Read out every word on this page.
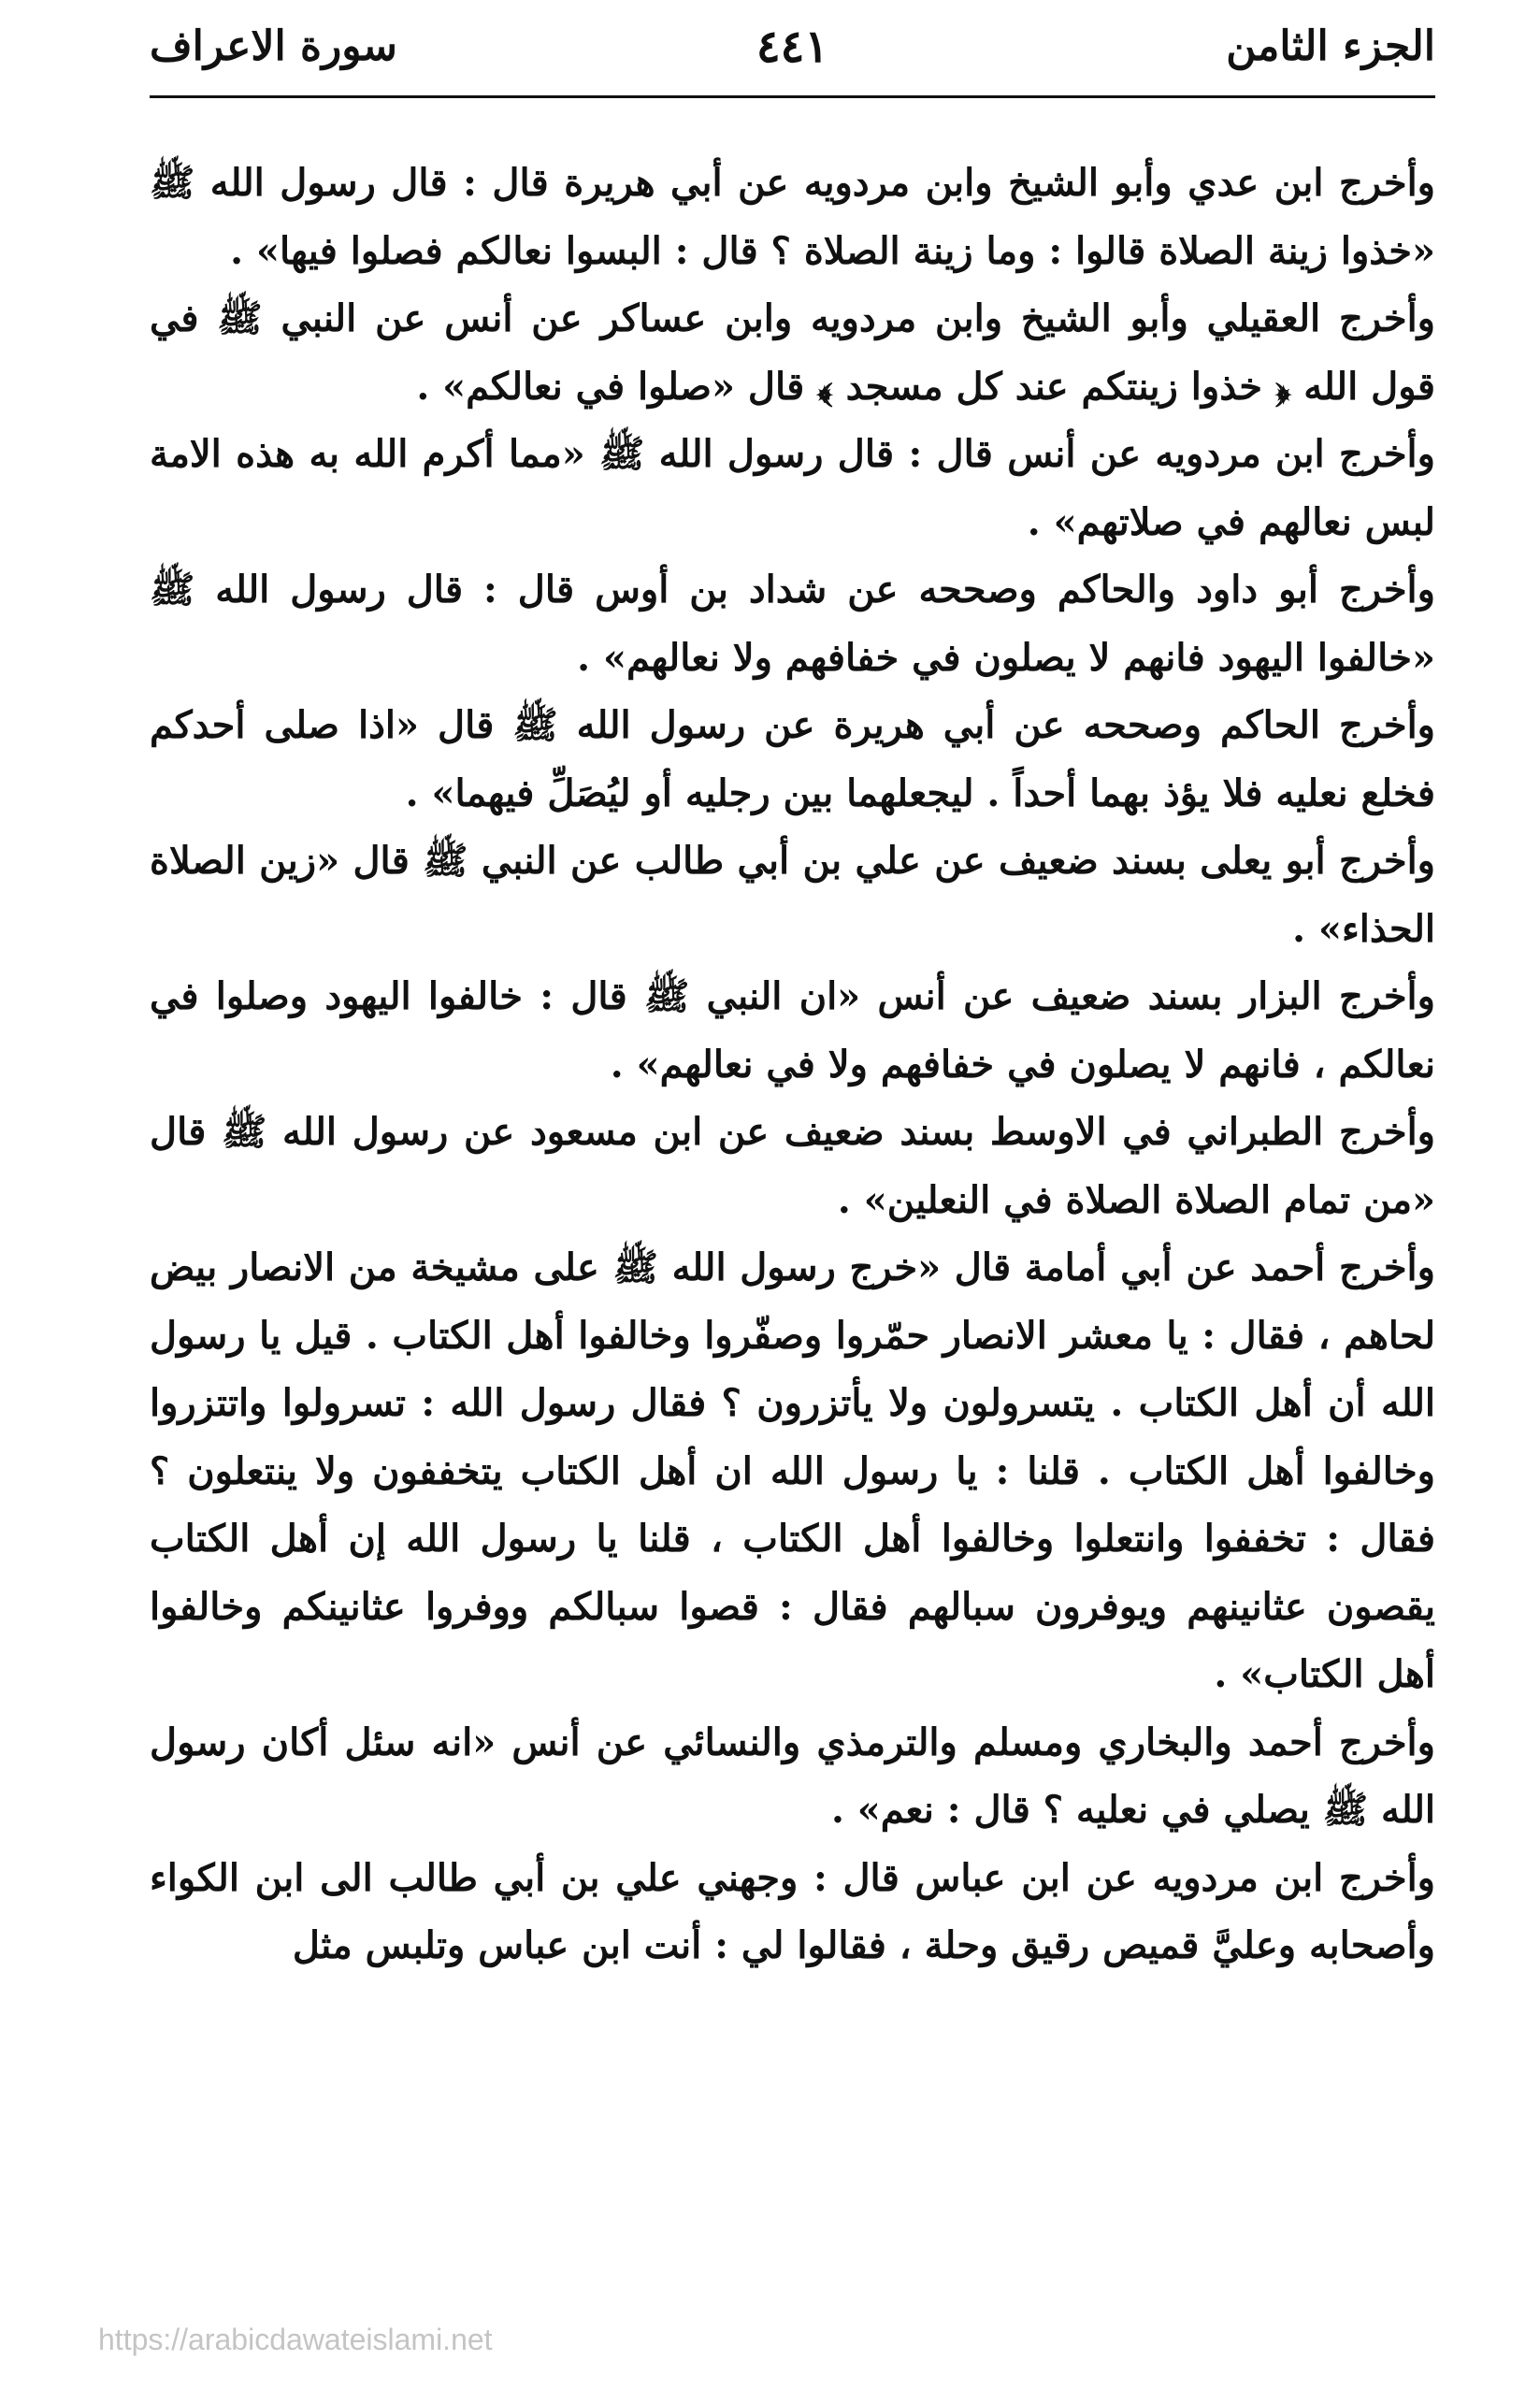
الجزء الثامن
٤٤١
سورة الاعراف

وأخرج ابن عدي وأبو الشيخ وابن مردويه عن أبي هريرة قال : قال رسول الله ﷺ «خذوا زينة الصلاة قالوا : وما زينة الصلاة ؟ قال : البسوا نعالكم فصلوا فيها» .

وأخرج العقيلي وأبو الشيخ وابن مردويه وابن عساكر عن أنس عن النبي ﷺ في قول الله ﴿ خذوا زينتكم عند كل مسجد ﴾ قال «صلوا في نعالكم» .

وأخرج ابن مردويه عن أنس قال : قال رسول الله ﷺ «مما أكرم الله به هذه الامة لبس نعالهم في صلاتهم» .

وأخرج أبو داود والحاكم وصححه عن شداد بن أوس قال : قال رسول الله ﷺ «خالفوا اليهود فانهم لا يصلون في خفافهم ولا نعالهم» .

وأخرج الحاكم وصححه عن أبي هريرة عن رسول الله ﷺ قال «اذا صلى أحدكم فخلع نعليه فلا يؤذ بهما أحداً . ليجعلهما بين رجليه أو ليُصَلِّ فيهما» .

وأخرج أبو يعلى بسند ضعيف عن علي بن أبي طالب عن النبي ﷺ قال «زين الصلاة الحذاء» .

وأخرج البزار بسند ضعيف عن أنس «ان النبي ﷺ قال : خالفوا اليهود وصلوا في نعالكم ، فانهم لا يصلون في خفافهم ولا في نعالهم» .

وأخرج الطبراني في الاوسط بسند ضعيف عن ابن مسعود عن رسول الله ﷺ قال «من تمام الصلاة الصلاة في النعلين» .

وأخرج أحمد عن أبي أمامة قال «خرج رسول الله ﷺ على مشيخة من الانصار بيض لحاهم ، فقال : يا معشر الانصار حمّروا وصفّروا وخالفوا أهل الكتاب . قيل يا رسول الله أن أهل الكتاب . يتسرولون ولا يأتزرون ؟ فقال رسول الله : تسرولوا واتتزروا وخالفوا أهل الكتاب . قلنا : يا رسول الله ان أهل الكتاب يتخففون ولا ينتعلون ؟ فقال : تخففوا وانتعلوا وخالفوا أهل الكتاب ، قلنا يا رسول الله إن أهل الكتاب يقصون عثانينهم ويوفرون سبالهم فقال : قصوا سبالكم ووفروا عثانينكم وخالفوا أهل الكتاب» .

وأخرج أحمد والبخاري ومسلم والترمذي والنسائي عن أنس «انه سئل أكان رسول الله ﷺ يصلي في نعليه ؟ قال : نعم» .

وأخرج ابن مردويه عن ابن عباس قال : وجهني علي بن أبي طالب الى ابن الكواء وأصحابه وعليَّ قميص رقيق وحلة ، فقالوا لي : أنت ابن عباس وتلبس مثل

https://arabicdawateislami.net
